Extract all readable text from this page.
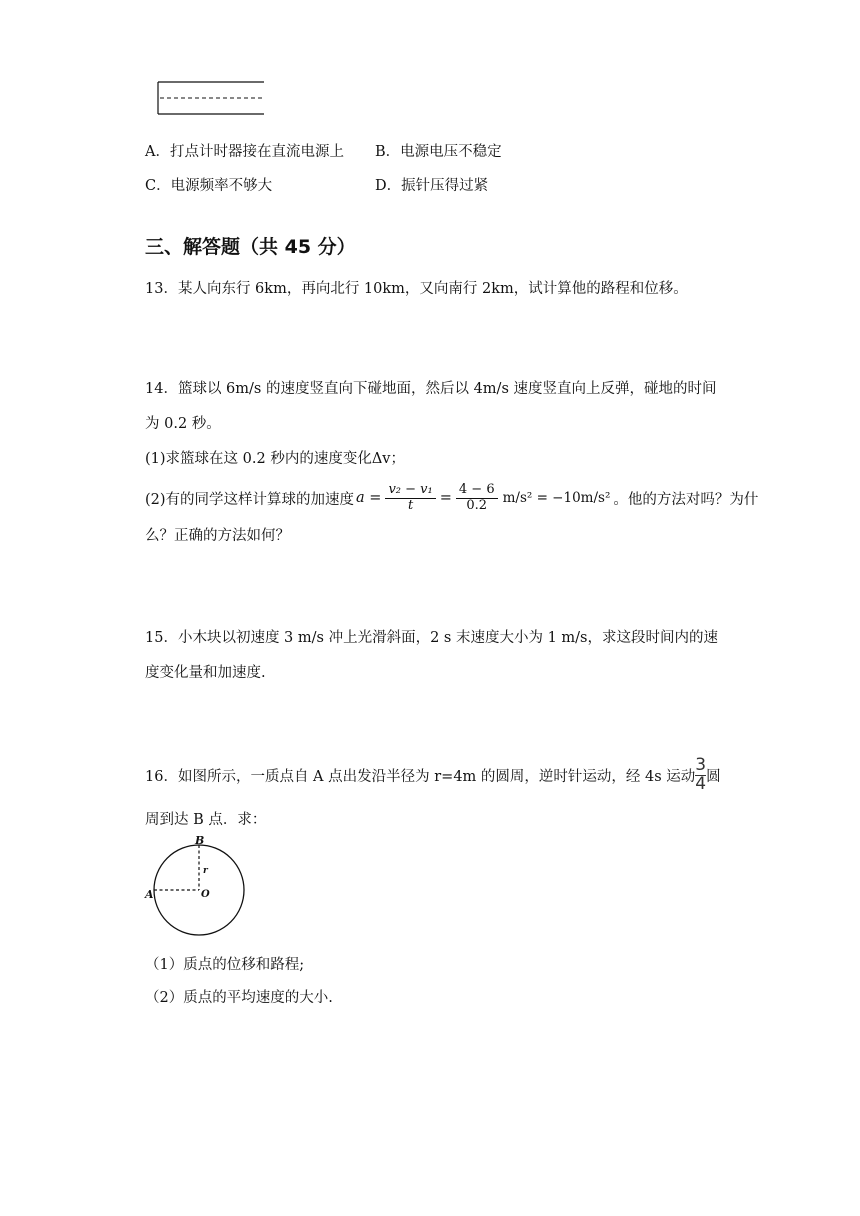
A．打点计时器接在直流电源上 B．电源电压不稳定
C．电源频率不够大	D．振针压得过紧
三、解答题（共 45 分）
13．某人向东行 6km，再向北行 10km，又向南行 2km，试计算他的路程和位移。
14．篮球以 6m/s 的速度竖直向下碰地面，然后以 4m/s 速度竖直向上反弹，碰地的时间
为 0.2 秒。
(1)求篮球在这 0.2 秒内的速度变化Δv；
(2)有的同学这样计算球的加速度 $a = \frac{\text{v₂ − v₁}}{t} = \frac{4 - 6}{0.2} m/s^2 = -10m/s^2$ 。他的方法对吗？为什
么？正确的方法如何？
15．小木块以初速度 3 m/s 冲上光滑斜面，2 s 末速度大小为 1 m/s，求这段时间内的速
度变化量和加速度.
16．如图所示，一质点自 A 点出发沿半径为 r=4m 的圆周，逆时针运动，经 4s 运动 $\frac{3}{4}$ 圆
周到达 B 点．求：
B
A	O
r
（1）质点的位移和路程;
（2）质点的平均速度的大小.
